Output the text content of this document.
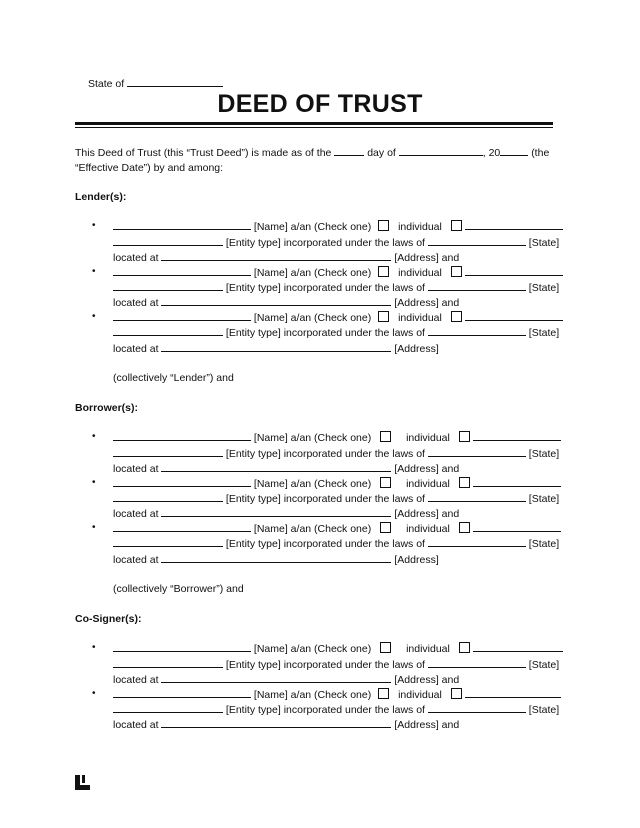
State of
DEED OF TRUST
This Deed of Trust (this “Trust Deed”) is made as of the	day of	, 20	(the
“Effective Date”) by and among:
Lender(s):
•	[Name] a/an (Check one)	individual
[Entity type] incorporated under the laws of	[State]
located at	[Address] and
•	[Name] a/an (Check one)	individual
[Entity type] incorporated under the laws of	[State]
located at	[Address] and
•	[Name] a/an (Check one)	individual
[Entity type] incorporated under the laws of	[State]
located at	[Address]
(collectively “Lender”) and
Borrower(s):
•	[Name] a/an (Check one)	individual
[Entity type] incorporated under the laws of	[State]
located at	[Address] and
•	[Name] a/an (Check one)	individual
[Entity type] incorporated under the laws of	[State]
located at	[Address] and
•	[Name] a/an (Check one)	individual
[Entity type] incorporated under the laws of	[State]
located at	[Address]
(collectively “Borrower”) and
Co-Signer(s):
•	[Name] a/an (Check one)	individual
[Entity type] incorporated under the laws of	[State]
located at	[Address] and
•	[Name] a/an (Check one)	individual
[Entity type] incorporated under the laws of	[State]
located at	[Address] and
